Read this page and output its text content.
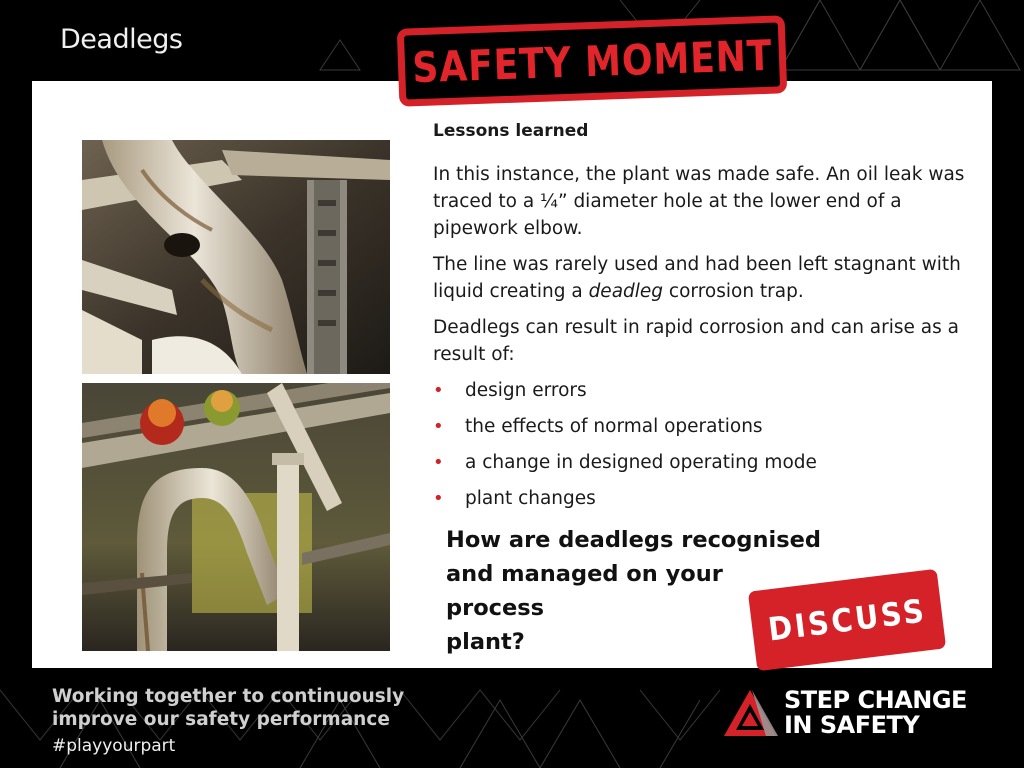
Deadlegs	SAFETY MOMENT
Lessons learned

In this instance, the plant was made safe. An oil leak was traced to a ¼” diameter hole at the lower end of a pipework elbow.

The line was rarely used and had been left stagnant with liquid creating a deadleg corrosion trap.

Deadlegs can result in rapid corrosion and can arise as a result of:

• design errors
• the effects of normal operations
• a change in designed operating mode
• plant changes
How are deadlegs recognised
and managed on your process
plant?	DISCUSS
Working together to continuously
improve our safety performance

#playyourpart

STEP CHANGE
IN SAFETY
